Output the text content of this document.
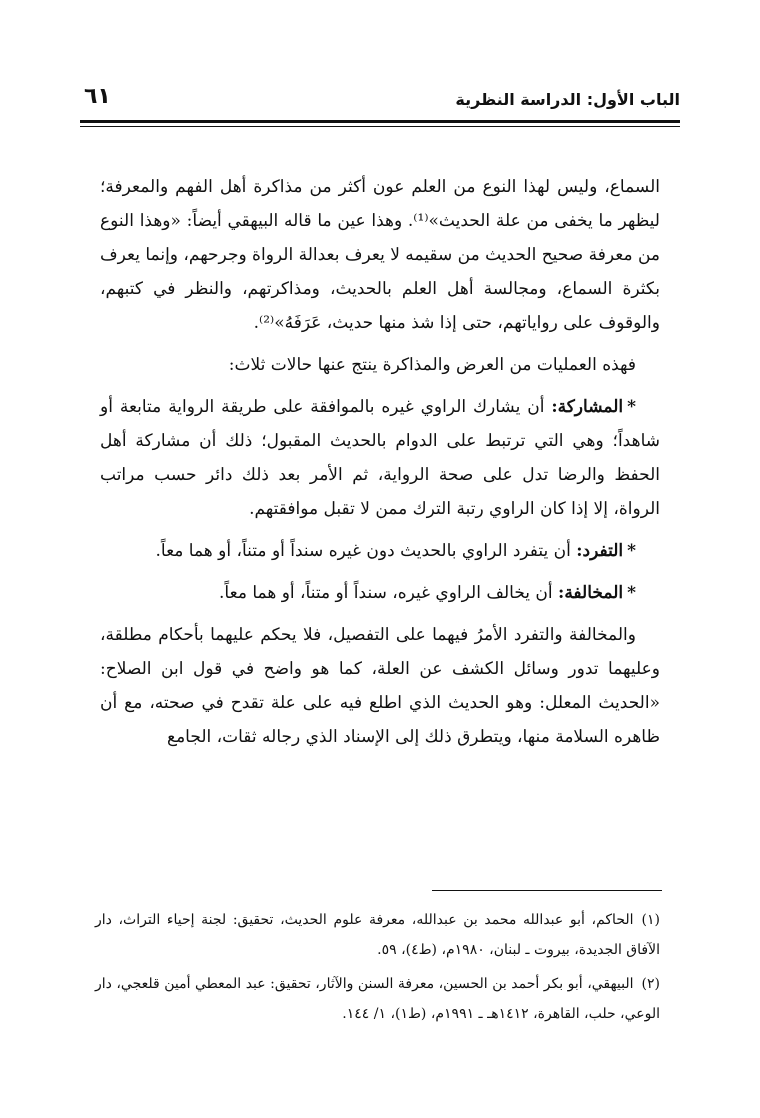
الباب الأول: الدراسة النظرية
٦١

السماع، وليس لهذا النوع من العلم عون أكثر من مذاكرة أهل الفهم والمعرفة؛ ليظهر ما يخفى من علة الحديث»⁽¹⁾. وهذا عين ما قاله البيهقي أيضاً: «وهذا النوع من معرفة صحيح الحديث من سقيمه لا يعرف بعدالة الرواة وجرحهم، وإنما يعرف بكثرة السماع، ومجالسة أهل العلم بالحديث، ومذاكرتهم، والنظر في كتبهم، والوقوف على رواياتهم، حتى إذا شذ منها حديث، عَرَفَهُ»⁽²⁾.

فهذه العمليات من العرض والمذاكرة ينتج عنها حالات ثلاث:

*المشاركة: أن يشارك الراوي غيره بالموافقة على طريقة الرواية متابعة أو شاهداً؛ وهي التي ترتبط على الدوام بالحديث المقبول؛ ذلك أن مشاركة أهل الحفظ والرضا تدل على صحة الرواية، ثم الأمر بعد ذلك دائر حسب مراتب الرواة، إلا إذا كان الراوي رتبة الترك ممن لا تقبل موافقتهم.

*التفرد: أن يتفرد الراوي بالحديث دون غيره سنداً أو متناً، أو هما معاً.

*المخالفة: أن يخالف الراوي غيره، سنداً أو متناً، أو هما معاً.

والمخالفة والتفرد الأمرُ فيهما على التفصيل، فلا يحكم عليهما بأحكام مطلقة، وعليهما تدور وسائل الكشف عن العلة، كما هو واضح في قول ابن الصلاح: «الحديث المعلل: وهو الحديث الذي اطلع فيه على علة تقدح في صحته، مع أن ظاهره السلامة منها، ويتطرق ذلك إلى الإسناد الذي رجاله ثقات، الجامع

(١)الحاكم، أبو عبدالله محمد بن عبدالله، معرفة علوم الحديث، تحقيق: لجنة إحياء التراث، دار الآفاق الجديدة، بيروت ـ لبنان، ١٩٨٠م، (ط٤)، ٥٩.

(٢)البيهقي، أبو بكر أحمد بن الحسين، معرفة السنن والآثار، تحقيق: عبد المعطي أمين قلعجي، دار الوعي، حلب، القاهرة، ١٤١٢هـ ـ ١٩٩١م، (ط١)، ١/ ١٤٤.
